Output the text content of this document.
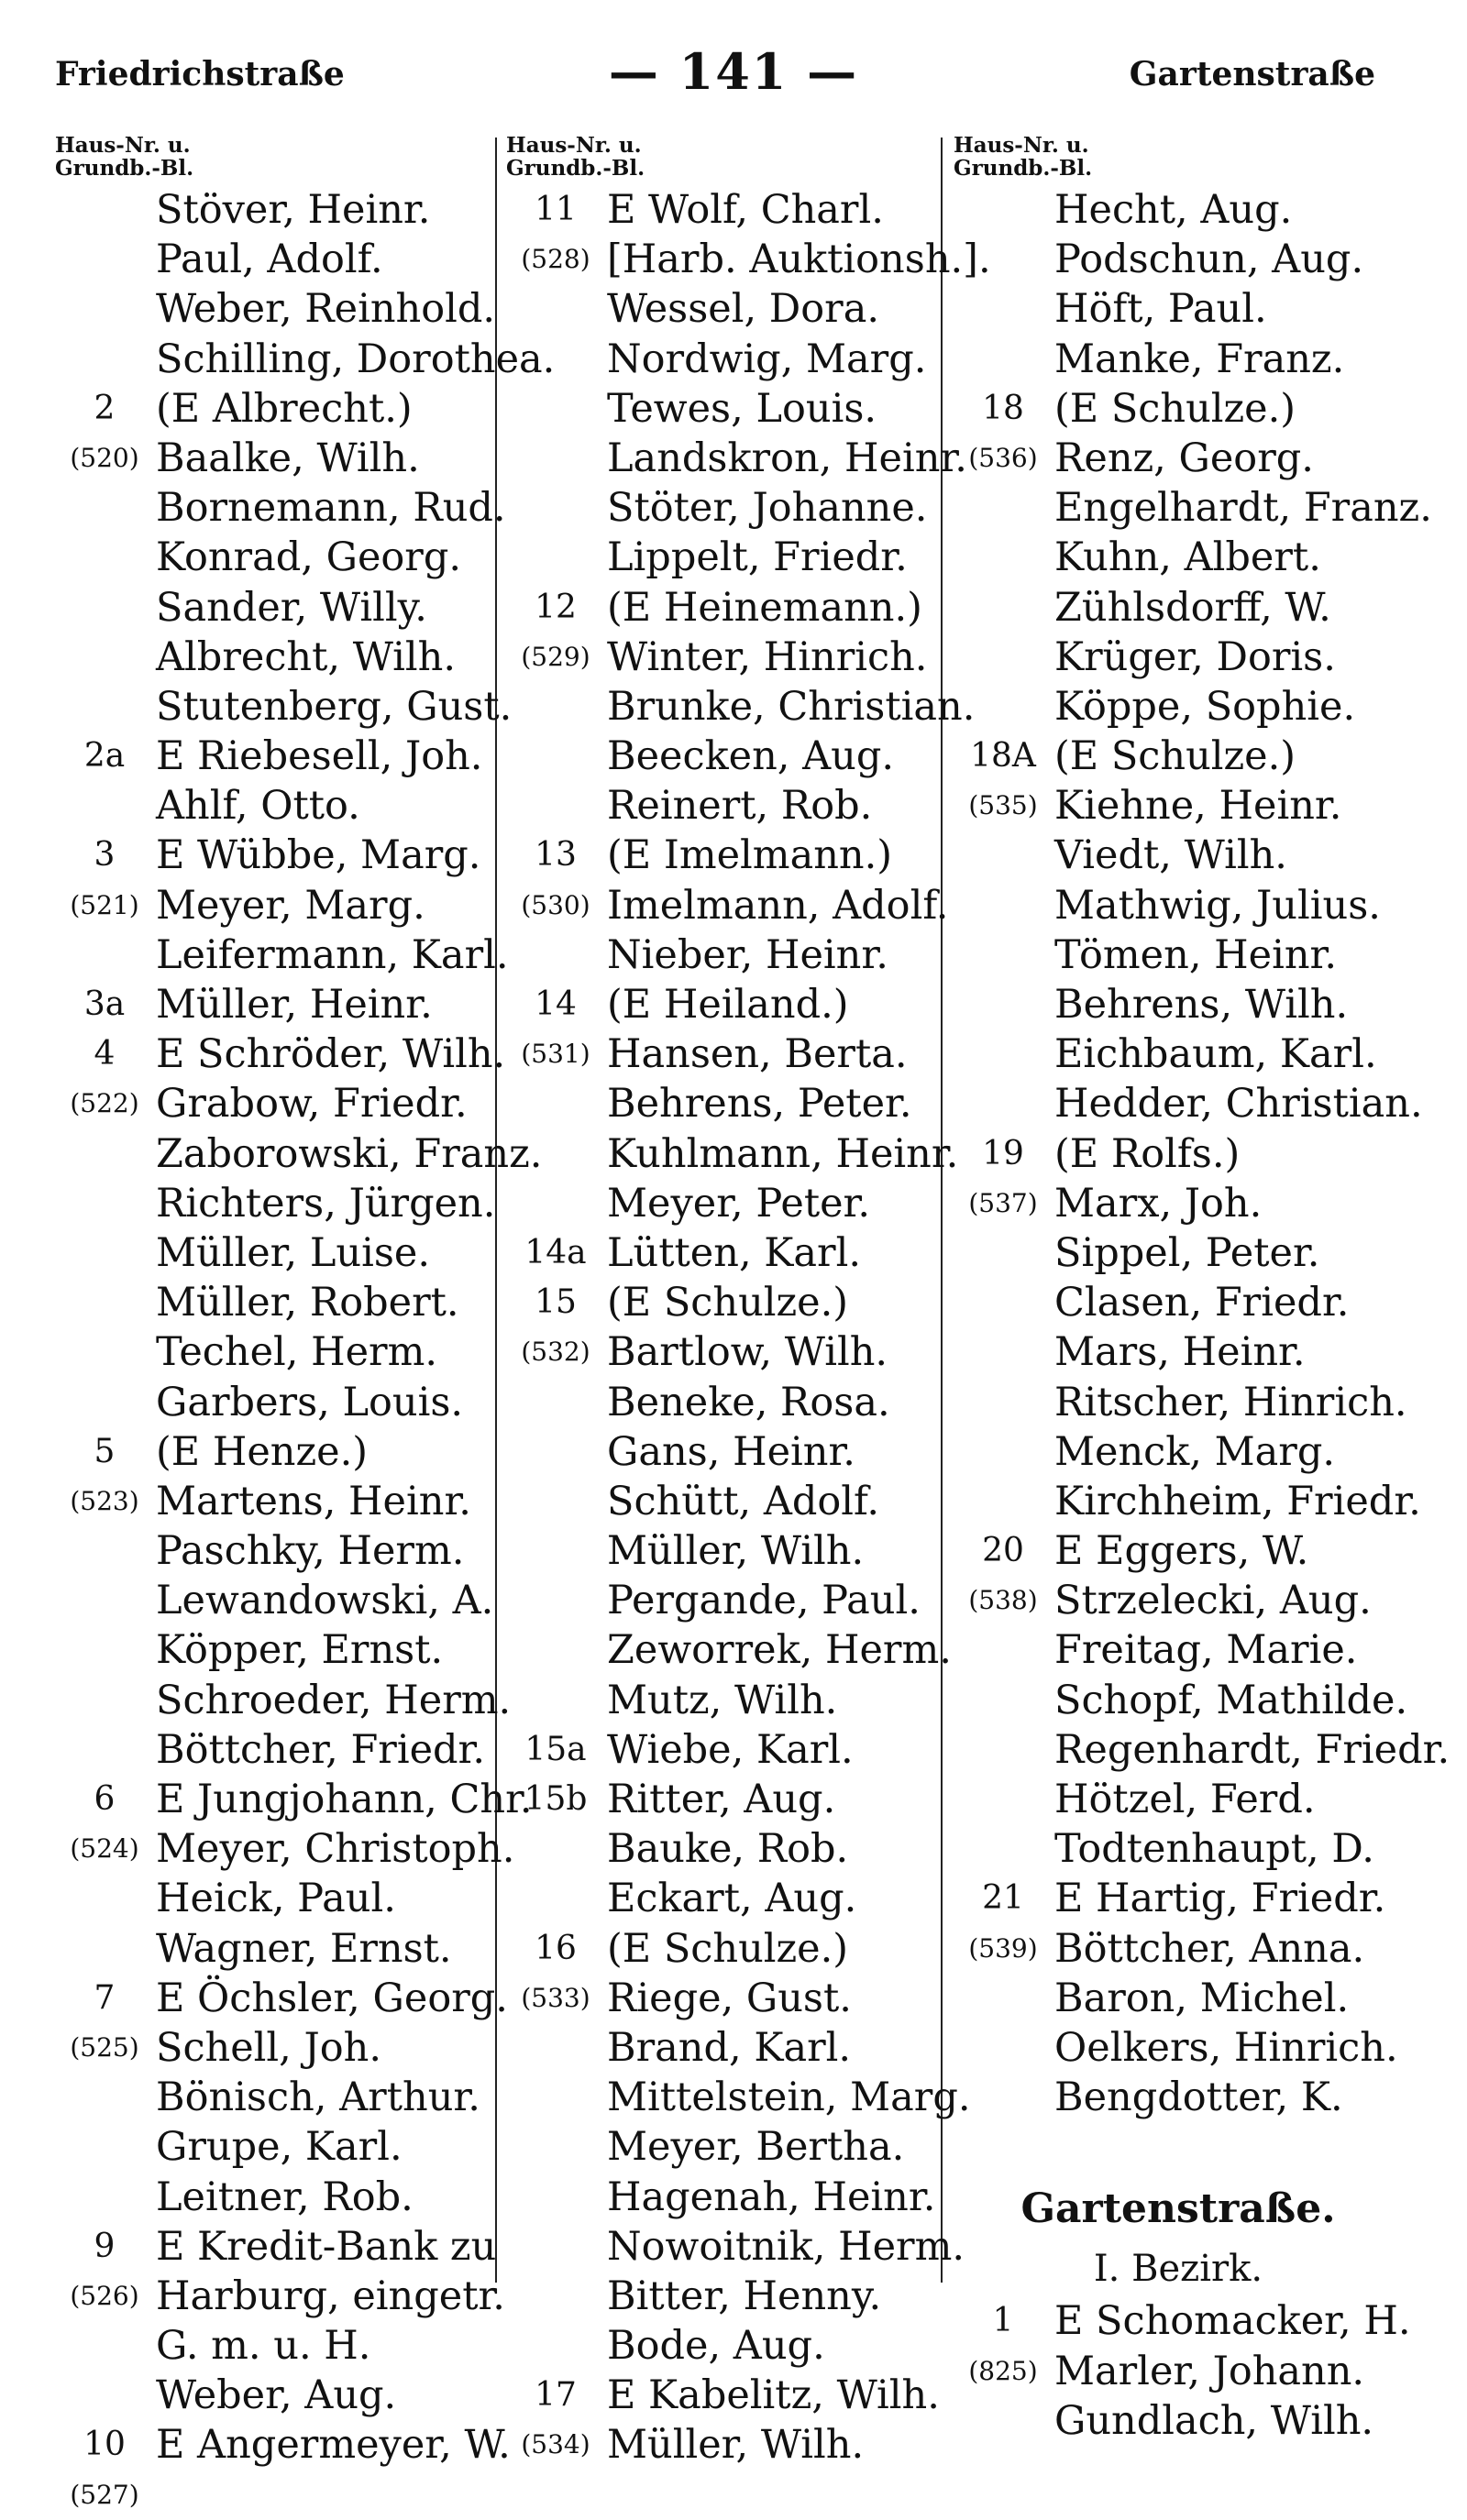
Friedrichstraße	— 141 —	Gartenstraße
Haus-Nr. u.
Grundb.-Bl.
Stöver, Heinr.
Paul, Adolf.
Weber, Reinhold.
Schilling, Dorothea.
2	(E Albrecht.)
(520) Baalke, Wilh.
Bornemann, Rud.
Konrad, Georg.
Sander, Willy.
Albrecht, Wilh.
Stutenberg, Gust.
2a E Riebesell, Joh.
Ahlf, Otto.
3	E Wübbe, Marg.
(521) Meyer, Marg.
Leifermann, Karl.
3a Müller, Heinr.
4	E Schröder, Wilh.
(522) Grabow, Friedr.
Zaborowski, Franz.
Richters, Jürgen.
Müller, Luise.
Müller, Robert.
Techel, Herm.
Garbers, Louis.
5	(E Henze.)
(523) Martens, Heinr.
Paschky, Herm.
Lewandowski, A.
Köpper, Ernst.
Schroeder, Herm.
Böttcher, Friedr.
6	E Jungjohann, Chr.
(524) Meyer, Christoph.
Heick, Paul.
Wagner, Ernst.
7	E Öchsler, Georg.
(525) Schell, Joh.
Bönisch, Arthur.
Grupe, Karl.
Leitner, Rob.
9	E Kredit-Bank zu
(526) Harburg, eingetr.
G. m. u. H.
Weber, Aug.
10 E Angermeyer, W.
(527)
Haus-Nr. u.
Grundb.-Bl.
11 E Wolf, Charl.
(528) [Harb. Auktionsh.].
Wessel, Dora.
Nordwig, Marg.
Tewes, Louis.
Landskron, Heinr.
Stöter, Johanne.
Lippelt, Friedr.
12 (E Heinemann.)
(529) Winter, Hinrich.
Brunke, Christian.
Beecken, Aug.
Reinert, Rob.
13 (E Imelmann.)
(530) Imelmann, Adolf.
Nieber, Heinr.
14 (E Heiland.)
(531) Hansen, Berta.
Behrens, Peter.
Kuhlmann, Heinr.
Meyer, Peter.
14a Lütten, Karl.
15 (E Schulze.)
(532) Bartlow, Wilh.
Beneke, Rosa.
Gans, Heinr.
Schütt, Adolf.
Müller, Wilh.
Pergande, Paul.
Zeworrek, Herm.
Mutz, Wilh.
15a Wiebe, Karl.
15b Ritter, Aug.
Bauke, Rob.
Eckart, Aug.
16 (E Schulze.)
(533) Riege, Gust.
Brand, Karl.
Mittelstein, Marg.
Meyer, Bertha.
Hagenah, Heinr.
Nowoitnik, Herm.
Bitter, Henny.
Bode, Aug.
17 E Kabelitz, Wilh.
(534) Müller, Wilh.
Haus-Nr. u.
Grundb.-Bl.
Hecht, Aug.
Podschun, Aug.
Höft, Paul.
Manke, Franz.
18 (E Schulze.)
(536) Renz, Georg.
Engelhardt, Franz.
Kuhn, Albert.
Zühlsdorff, W.
Krüger, Doris.
Köppe, Sophie.
18A (E Schulze.)
(535) Kiehne, Heinr.
Viedt, Wilh.
Mathwig, Julius.
Tömen, Heinr.
Behrens, Wilh.
Eichbaum, Karl.
Hedder, Christian.
19 (E Rolfs.)
(537) Marx, Joh.
Sippel, Peter.
Clasen, Friedr.
Mars, Heinr.
Ritscher, Hinrich.
Menck, Marg.
Kirchheim, Friedr.
20 E Eggers, W.
(538) Strzelecki, Aug.
Freitag, Marie.
Schopf, Mathilde.
Regenhardt, Friedr.
Hötzel, Ferd.
Todtenhaupt, D.
21 E Hartig, Friedr.
(539) Böttcher, Anna.
Baron, Michel.
Oelkers, Hinrich.
Bengdotter, K.
Gartenstraße.
I. Bezirk.
1	E Schomacker, H.
(825) Marler, Johann.
Gundlach, Wilh.
